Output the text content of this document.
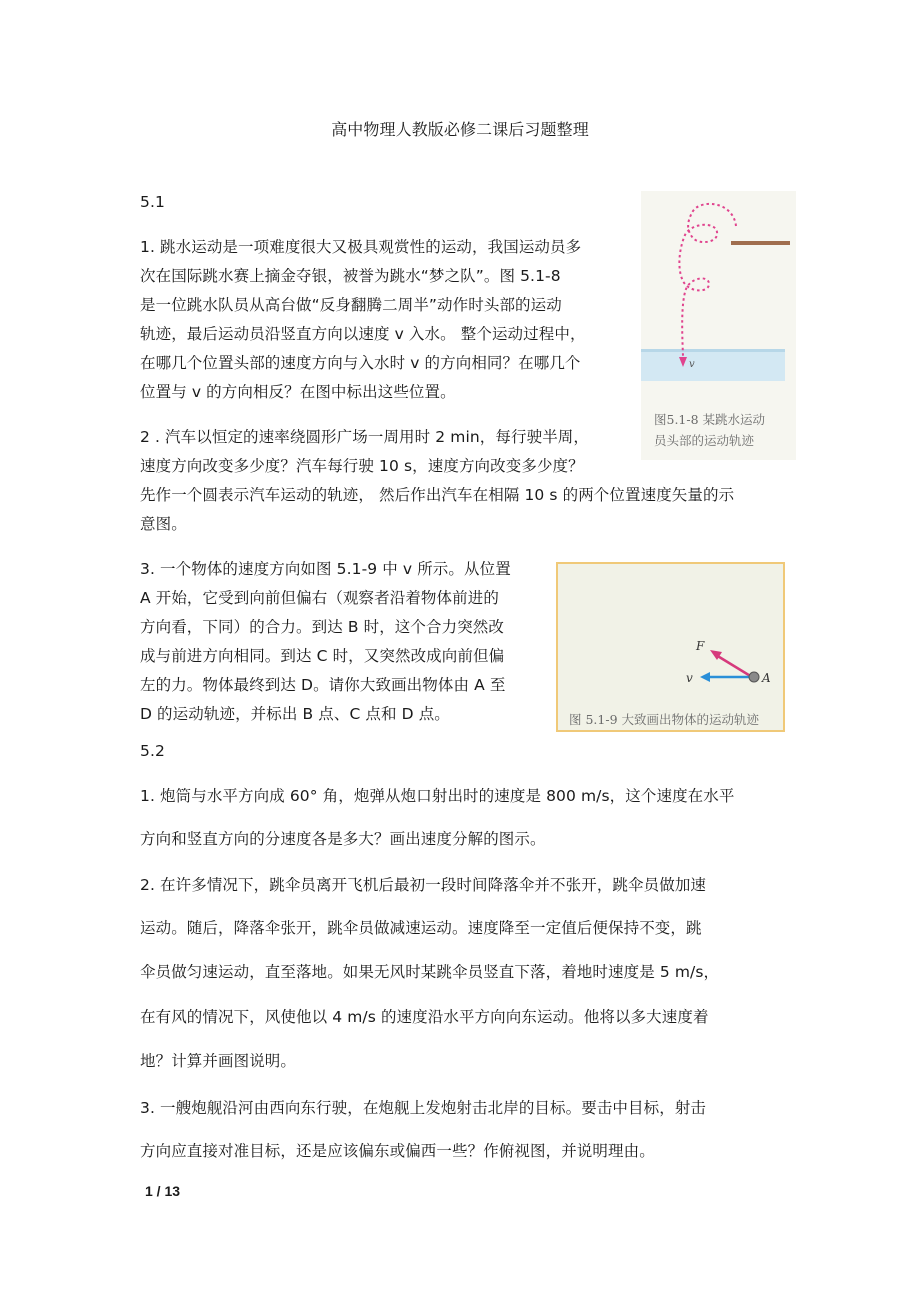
高中物理人教版必修二课后习题整理
5.1
1. 跳水运动是一项难度很大又极具观赏性的运动，我国运动员多
次在国际跳水赛上摘金夺银，被誉为跳水“梦之队”。图 5.1-8
是一位跳水队员从高台做“反身翻腾二周半”动作时头部的运动
轨迹，最后运动员沿竖直方向以速度 v 入水。 整个运动过程中，
在哪几个位置头部的速度方向与入水时 v 的方向相同？在哪几个
位置与 v 的方向相反？在图中标出这些位置。
2 . 汽车以恒定的速率绕圆形广场一周用时 2 min，每行驶半周，
速度方向改变多少度？汽车每行驶 10 s，速度方向改变多少度？
先作一个圆表示汽车运动的轨迹， 然后作出汽车在相隔 10 s 的两个位置速度矢量的示
意图。
3. 一个物体的速度方向如图 5.1-9 中 v 所示。从位置
A 开始，它受到向前但偏右（观察者沿着物体前进的
方向看，下同）的合力。到达 B 时，这个合力突然改
成与前进方向相同。到达 C 时，又突然改成向前但偏
左的力。物体最终到达 D。请你大致画出物体由 A 至
D 的运动轨迹，并标出 B 点、C 点和 D 点。
5.2
1. 炮筒与水平方向成 60° 角，炮弹从炮口射出时的速度是 800 m/s，这个速度在水平
方向和竖直方向的分速度各是多大？画出速度分解的图示。
2. 在许多情况下，跳伞员离开飞机后最初一段时间降落伞并不张开，跳伞员做加速
运动。随后，降落伞张开，跳伞员做减速运动。速度降至一定值后便保持不变，跳
伞员做匀速运动，直至落地。如果无风时某跳伞员竖直下落，着地时速度是 5 m/s，
在有风的情况下，风使他以 4 m/s 的速度沿水平方向向东运动。他将以多大速度着
地？计算并画图说明。
3. 一艘炮舰沿河由西向东行驶，在炮舰上发炮射击北岸的目标。要击中目标，射击
方向应直接对准目标，还是应该偏东或偏西一些？作俯视图，并说明理由。
v
图5.1-8 某跳水运动
员头部的运动轨迹
F
v	A
图 5.1-9 大致画出物体的运动轨迹
1 / 13
